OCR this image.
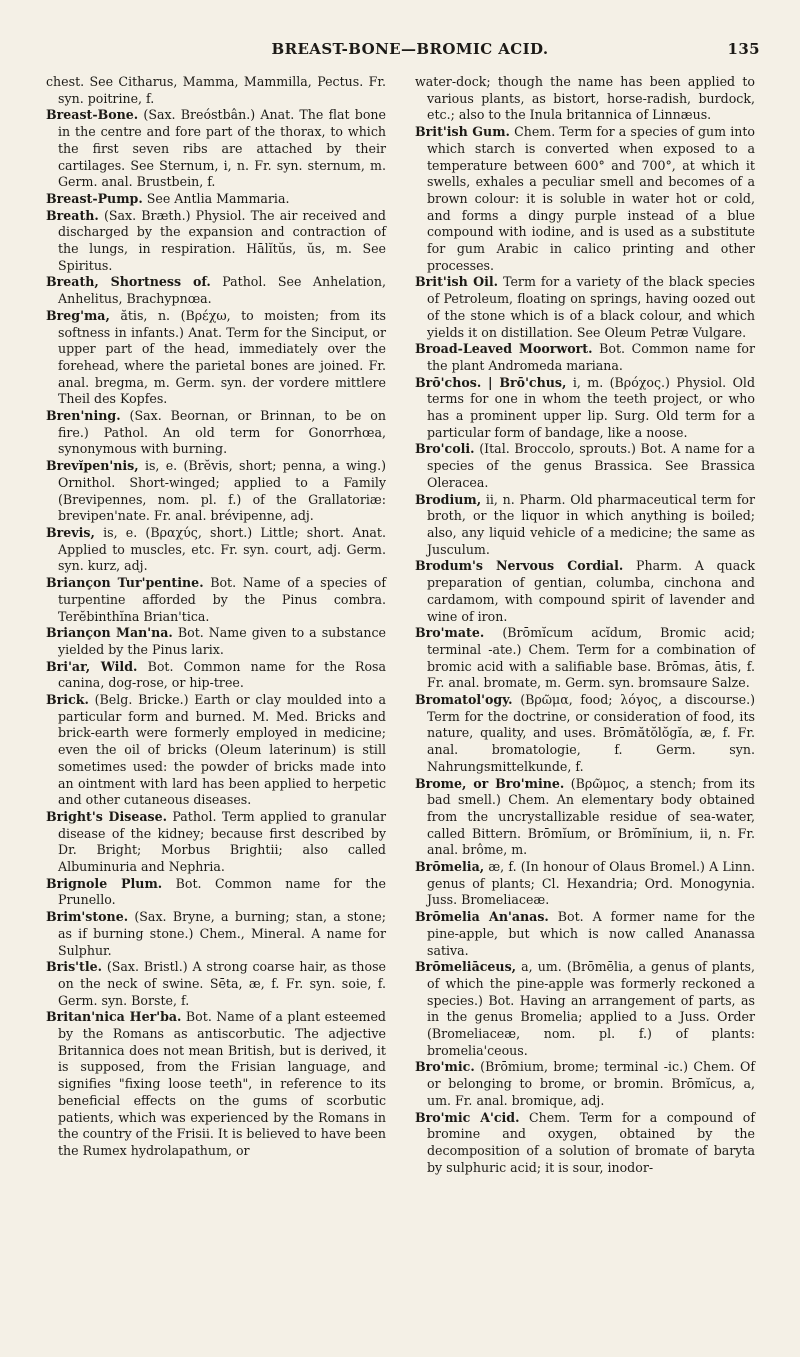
BREAST-BONE—BROMIC ACID.	135

chest. See Citharus, Mamma, Mammilla, Pectus. Fr. syn. poitrine, f.

Breast-Bone. (Sax. Breóstbân.) Anat. The flat bone in the centre and fore part of the thorax, to which the first seven ribs are attached by their cartilages. See Sternum, i, n. Fr. syn. sternum, m. Germ. anal. Brustbein, f.

Breast-Pump. See Antlia Mammaria.

Breath. (Sax. Bræth.) Physiol. The air received and discharged by the expansion and contraction of the lungs, in respiration. Hālĭtŭs, ŭs, m. See Spiritus.

Breath, Shortness of. Pathol. See Anhelation, Anhelitus, Brachypnœa.

Breg'ma, ătis, n. (Βρέχω, to moisten; from its softness in infants.) Anat. Term for the Sinciput, or upper part of the head, immediately over the forehead, where the parietal bones are joined. Fr. anal. bregma, m. Germ. syn. der vordere mittlere Theil des Kopfes.

Bren'ning. (Sax. Beornan, or Brinnan, to be on fire.) Pathol. An old term for Gonorrhœa, synonymous with burning.

Brevĭpen'nis, is, e. (Brĕvis, short; penna, a wing.) Ornithol. Short-winged; applied to a Family (Brevipennes, nom. pl. f.) of the Grallatoriæ: brevipen'nate. Fr. anal. brévipenne, adj.

Brevis, is, e. (Βραχύς, short.) Little; short. Anat. Applied to muscles, etc. Fr. syn. court, adj. Germ. syn. kurz, adj.

Briançon Tur'pentine. Bot. Name of a species of turpentine afforded by the Pinus combra. Terĕbinthĭna Brian'tica.

Briançon Man'na. Bot. Name given to a substance yielded by the Pinus larix.

Bri'ar, Wild. Bot. Common name for the Rosa canina, dog-rose, or hip-tree.

Brick. (Belg. Bricke.) Earth or clay moulded into a particular form and burned. M. Med. Bricks and brick-earth were formerly employed in medicine; even the oil of bricks (Oleum laterinum) is still sometimes used: the powder of bricks made into an ointment with lard has been applied to herpetic and other cutaneous diseases.

Bright's Disease. Pathol. Term applied to granular disease of the kidney; because first described by Dr. Bright; Morbus Brightii; also called Albuminuria and Nephria.

Brignole Plum. Bot. Common name for the Prunello.

Brim'stone. (Sax. Bryne, a burning; stan, a stone; as if burning stone.) Chem., Mineral. A name for Sulphur.

Bris'tle. (Sax. Bristl.) A strong coarse hair, as those on the neck of swine. Sēta, æ, f. Fr. syn. soie, f. Germ. syn. Borste, f.

Britan'nica Her'ba. Bot. Name of a plant esteemed by the Romans as antiscorbutic. The adjective Britannica does not mean British, but is derived, it is supposed, from the Frisian language, and signifies "fixing loose teeth", in reference to its beneficial effects on the gums of scorbutic patients, which was experienced by the Romans in the country of the Frisii. It is believed to have been the Rumex hydrolapathum, or

water-dock; though the name has been applied to various plants, as bistort, horse-radish, burdock, etc.; also to the Inula britannica of Linnæus.

Brit'ish Gum. Chem. Term for a species of gum into which starch is converted when exposed to a temperature between 600° and 700°, at which it swells, exhales a peculiar smell and becomes of a brown colour: it is soluble in water hot or cold, and forms a dingy purple instead of a blue compound with iodine, and is used as a substitute for gum Arabic in calico printing and other processes.

Brit'ish Oil. Term for a variety of the black species of Petroleum, floating on springs, having oozed out of the stone which is of a black colour, and which yields it on distillation. See Oleum Petræ Vulgare.

Broad-Leaved Moorwort. Bot. Common name for the plant Andromeda mariana.

Brō'chos. | Brō'chus, i, m. (Βρόχος.) Physiol. Old terms for one in whom the teeth project, or who has a prominent upper lip. Surg. Old term for a particular form of bandage, like a noose.

Bro'coli. (Ital. Broccolo, sprouts.) Bot. A name for a species of the genus Brassica. See Brassica Oleracea.

Brodium, ii, n. Pharm. Old pharmaceutical term for broth, or the liquor in which anything is boiled; also, any liquid vehicle of a medicine; the same as Jusculum.

Brodum's Nervous Cordial. Pharm. A quack preparation of gentian, columba, cinchona and cardamom, with compound spirit of lavender and wine of iron.

Bro'mate. (Brōmĭcum acĭdum, Bromic acid; terminal -ate.) Chem. Term for a combination of bromic acid with a salifiable base. Brōmas, ātis, f. Fr. anal. bromate, m. Germ. syn. bromsaure Salze.

Bromatol'ogy. (Βρῶμα, food; λόγος, a discourse.) Term for the doctrine, or consideration of food, its nature, quality, and uses. Brōmătŏlŏgĭa, æ, f. Fr. anal. bromatologie, f. Germ. syn. Nahrungsmittelkunde, f.

Brome, or Bro'mine. (Βρῶμος, a stench; from its bad smell.) Chem. An elementary body obtained from the uncrystallizable residue of sea-water, called Bittern. Brōmĭum, or Brōmĭnium, ii, n. Fr. anal. brôme, m.

Brōmelia, æ, f. (In honour of Olaus Bromel.) A Linn. genus of plants; Cl. Hexandria; Ord. Monogynia. Juss. Bromeliaceæ.

Brōmelia An'anas. Bot. A former name for the pine-apple, but which is now called Ananassa sativa.

Brōmeliāceus, a, um. (Brōmēlia, a genus of plants, of which the pine-apple was formerly reckoned a species.) Bot. Having an arrangement of parts, as in the genus Bromelia; applied to a Juss. Order (Bromeliaceæ, nom. pl. f.) of plants: bromelia'ceous.

Bro'mic. (Brōmium, brome; terminal -ic.) Chem. Of or belonging to brome, or bromin. Brōmĭcus, a, um. Fr. anal. bromique, adj.

Bro'mic A'cid. Chem. Term for a compound of bromine and oxygen, obtained by the decomposition of a solution of bromate of baryta by sulphuric acid; it is sour, inodor-
